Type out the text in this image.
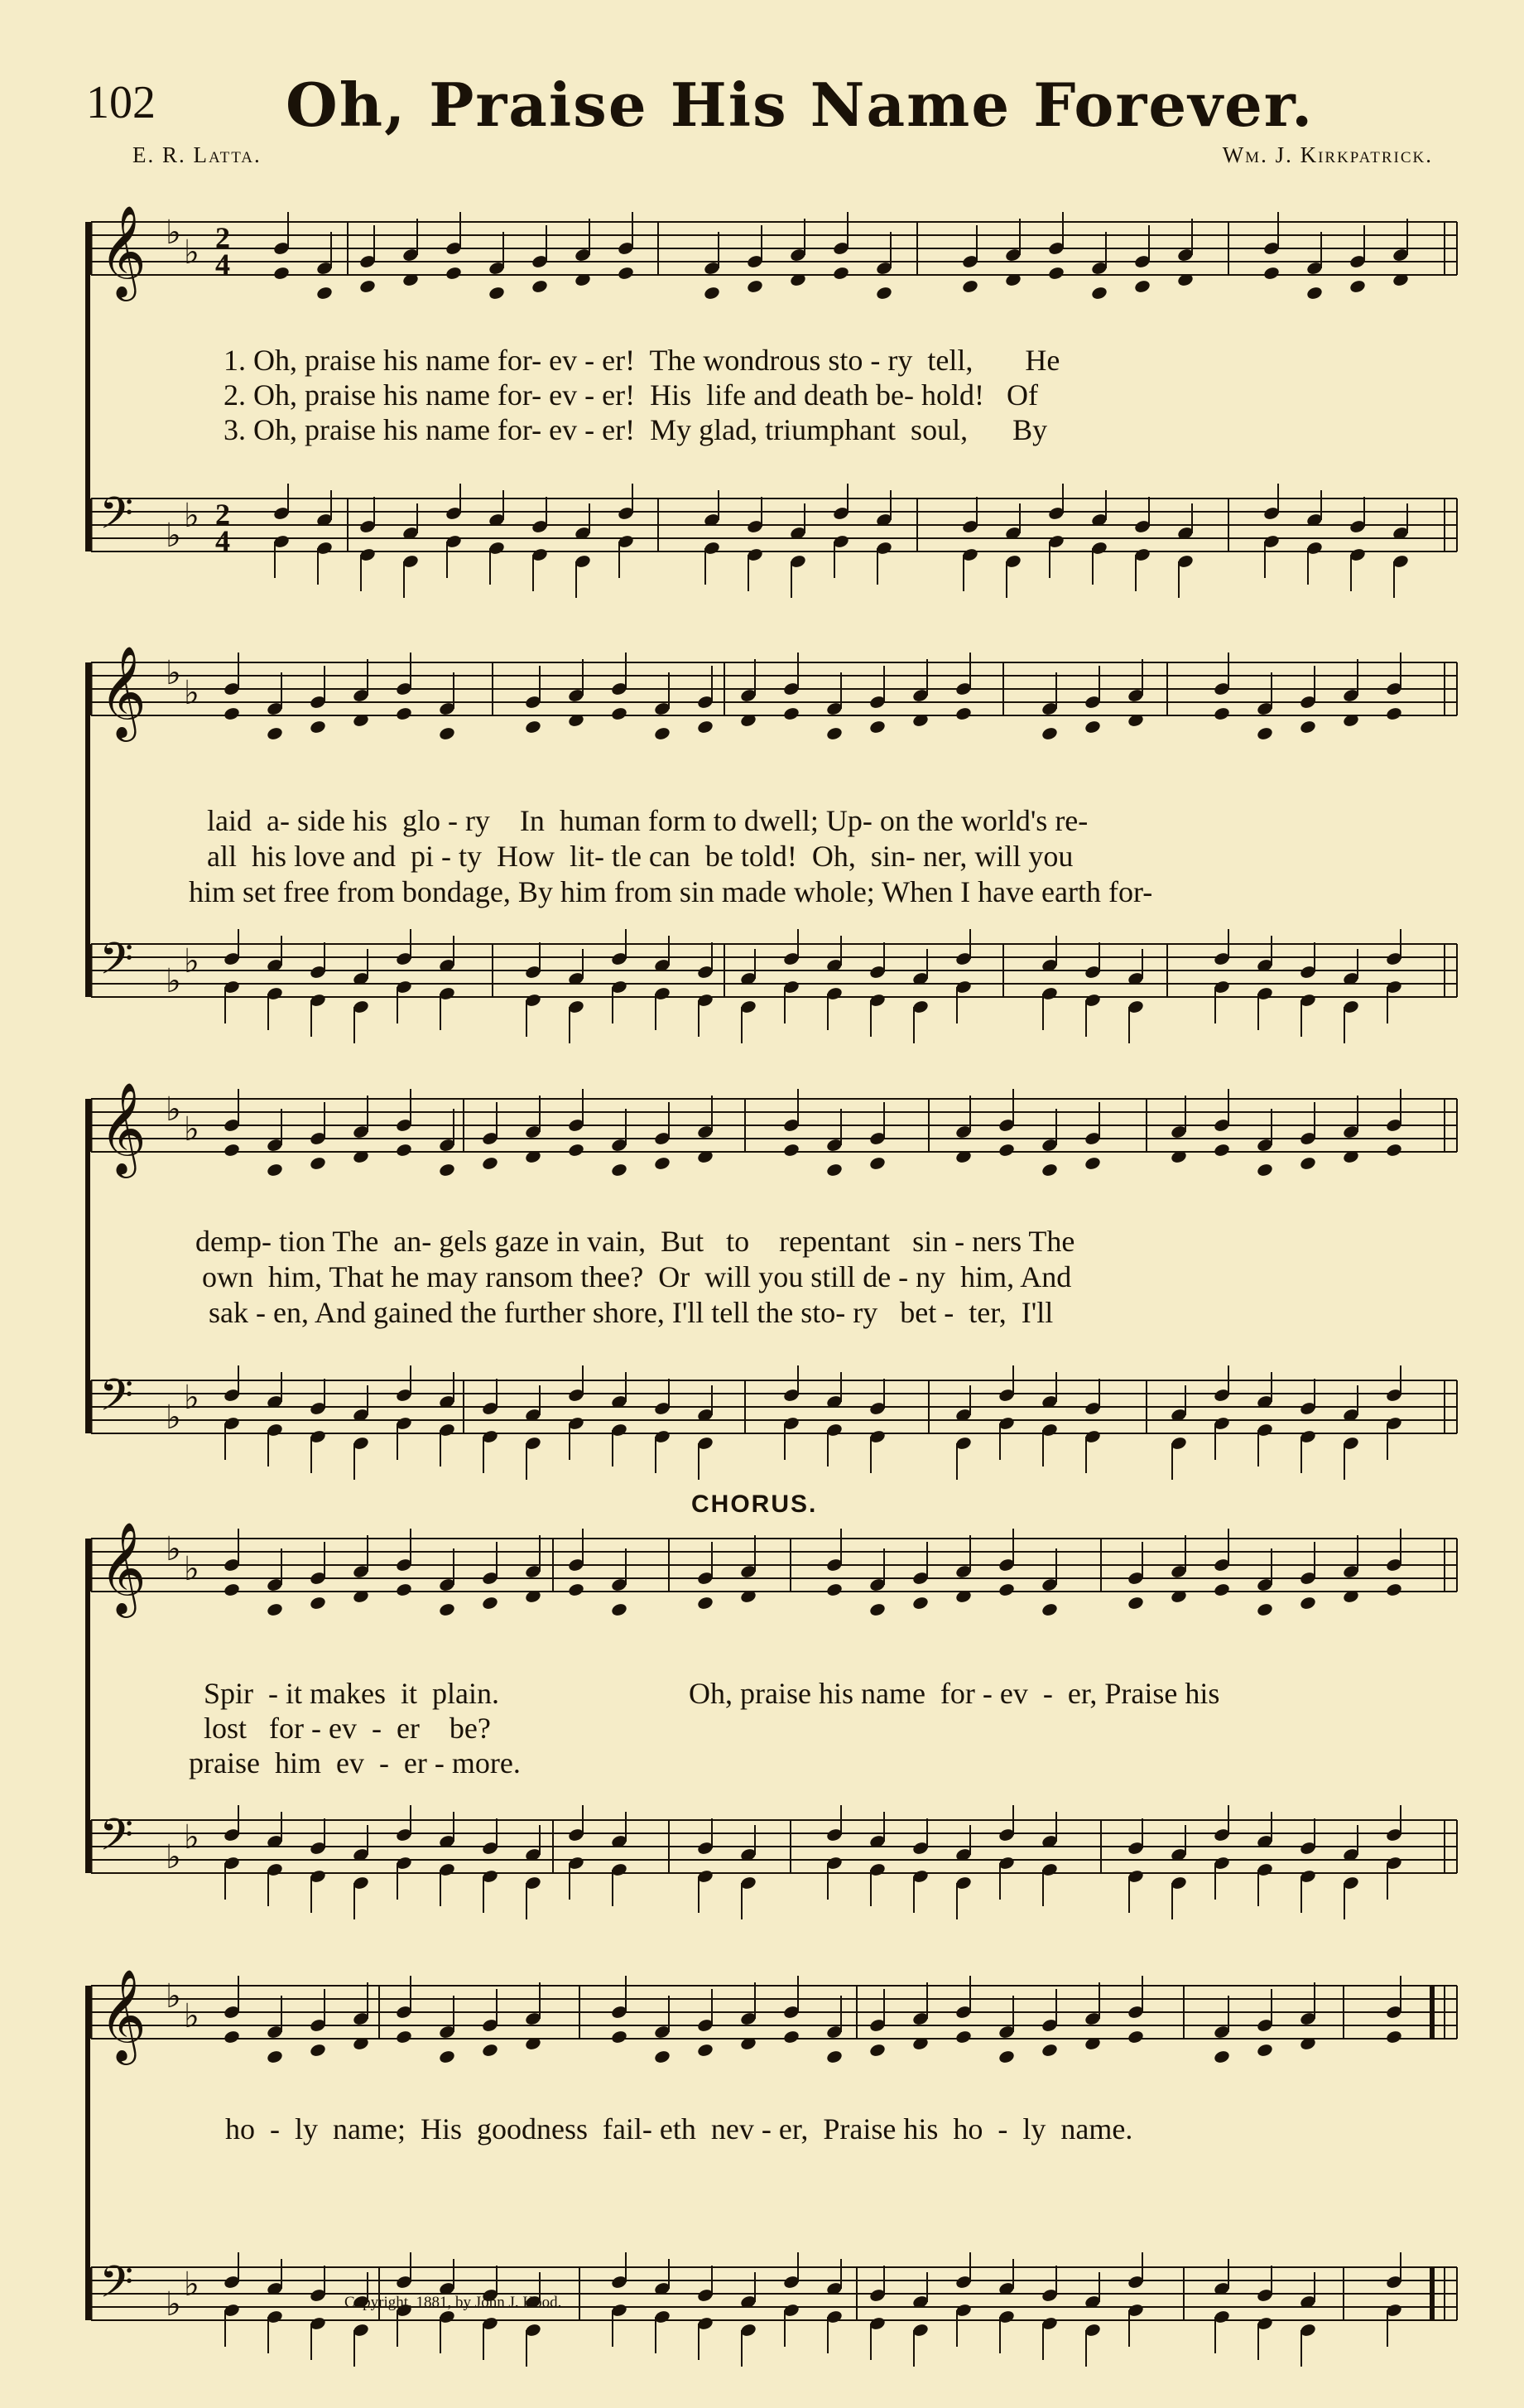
102 Oh, Praise His Name Forever.
E. R. Latta.	Wm. J. Kirkpatrick.
𝄞 ♭
♭ 2
4
𝄢 ♭
♭ 2
4
𝄞 ♭
♭
𝄢 ♭
♭
𝄞 ♭
♭
𝄢 ♭
♭
𝄞 ♭
♭
𝄢 ♭
♭
𝄞 ♭
♭
𝄢 ♭
♭
1. Oh, praise his name for- ev - er!  The wondrous sto - ry  tell,       He
2. Oh, praise his name for- ev - er!  His  life and death be- hold!   Of
3. Oh, praise his name for- ev - er!  My glad, triumphant  soul,      By
laid  a- side his  glo - ry    In  human form to dwell; Up- on the world's re-
all  his love and  pi - ty  How  lit- tle can  be told!  Oh,  sin- ner, will you
him set free from bondage, By him from sin made whole; When I have earth for-
demp- tion The  an- gels gaze in vain,  But   to    repentant   sin - ners The
own  him, That he may ransom thee?  Or  will you still de - ny  him, And
sak - en, And gained the further shore, I'll tell the sto- ry   bet -  ter,  I'll
CHORUS.
Spir  - it makes  it  plain.
lost   for - ev  -  er    be?
praise  him  ev  -  er - more.
Oh, praise his name  for - ev  -  er, Praise his
ho  -  ly  name;  His  goodness  fail- eth  nev - er,  Praise his  ho  -  ly  name.
Copyright, 1881, by John J. Hood.
